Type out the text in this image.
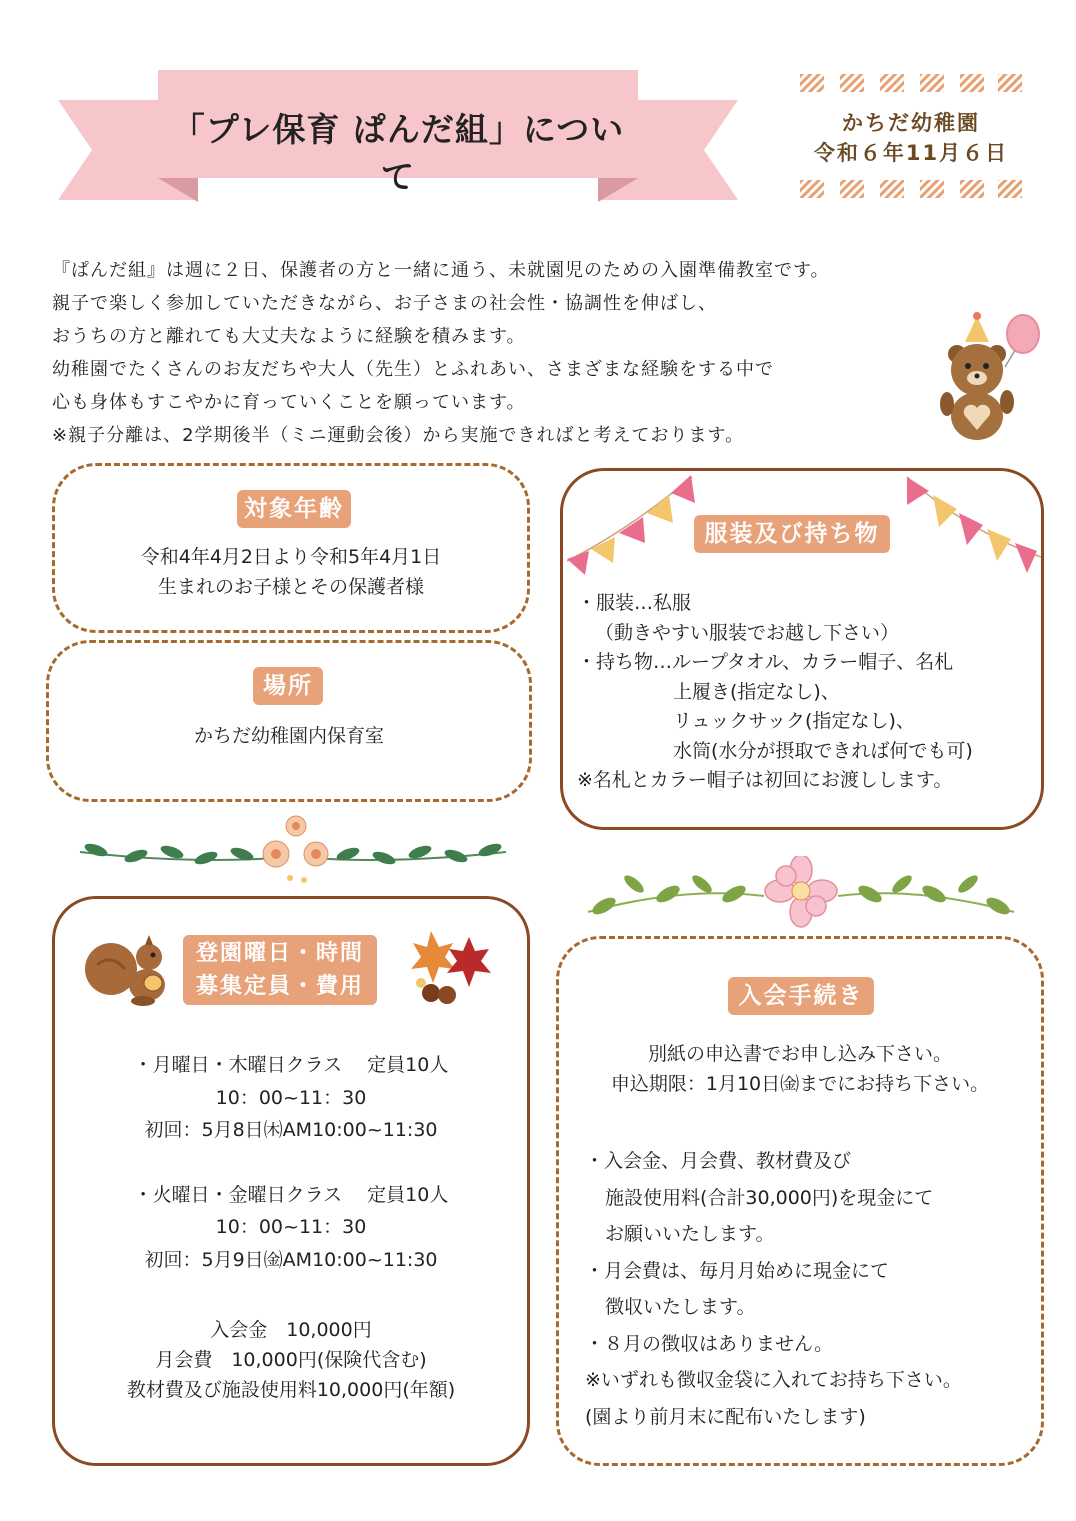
「プレ保育 ぱんだ組」について
かちだ幼稚園
令和６年11月６日
『ぱんだ組』は週に２日、保護者の方と一緒に通う、未就園児のための入園準備教室です。
親子で楽しく参加していただきながら、お子さまの社会性・協調性を伸ばし、
おうちの方と離れても大丈夫なように経験を積みます。
幼稚園でたくさんのお友だちや大人（先生）とふれあい、さまざまな経験をする中で
心も身体もすこやかに育っていくことを願っています。
※親子分離は、2学期後半（ミニ運動会後）から実施できればと考えております。
対象年齢
令和4年4月2日より令和5年4月1日
生まれのお子様とその保護者様
場所
かちだ幼稚園内保育室
服装及び持ち物
・服装…私服
（動きやすい服装でお越し下さい）
・持ち物…ループタオル、カラー帽子、名札
上履き(指定なし)、
リュックサック(指定なし)、
水筒(水分が摂取できれば何でも可)
※名札とカラー帽子は初回にお渡しします。
登園曜日・時間
募集定員・費用
・月曜日・木曜日クラス　 定員10人
10：00~11：30
初回：5月8日㈭AM10:00~11:30
・火曜日・金曜日クラス　 定員10人
10：00~11：30
初回：5月9日㈮AM10:00~11:30
入会金　10,000円
月会費　10,000円(保険代含む)
教材費及び施設使用料10,000円(年額)
入会手続き
別紙の申込書でお申し込み下さい。
申込期限：1月10日㈮までにお持ち下さい。
・入会金、月会費、教材費及び
施設使用料(合計30,000円)を現金にて
お願いいたします。
・月会費は、毎月月始めに現金にて
徴収いたします。
・８月の徴収はありません。
※いずれも徴収金袋に入れてお持ち下さい。
(園より前月末に配布いたします)
